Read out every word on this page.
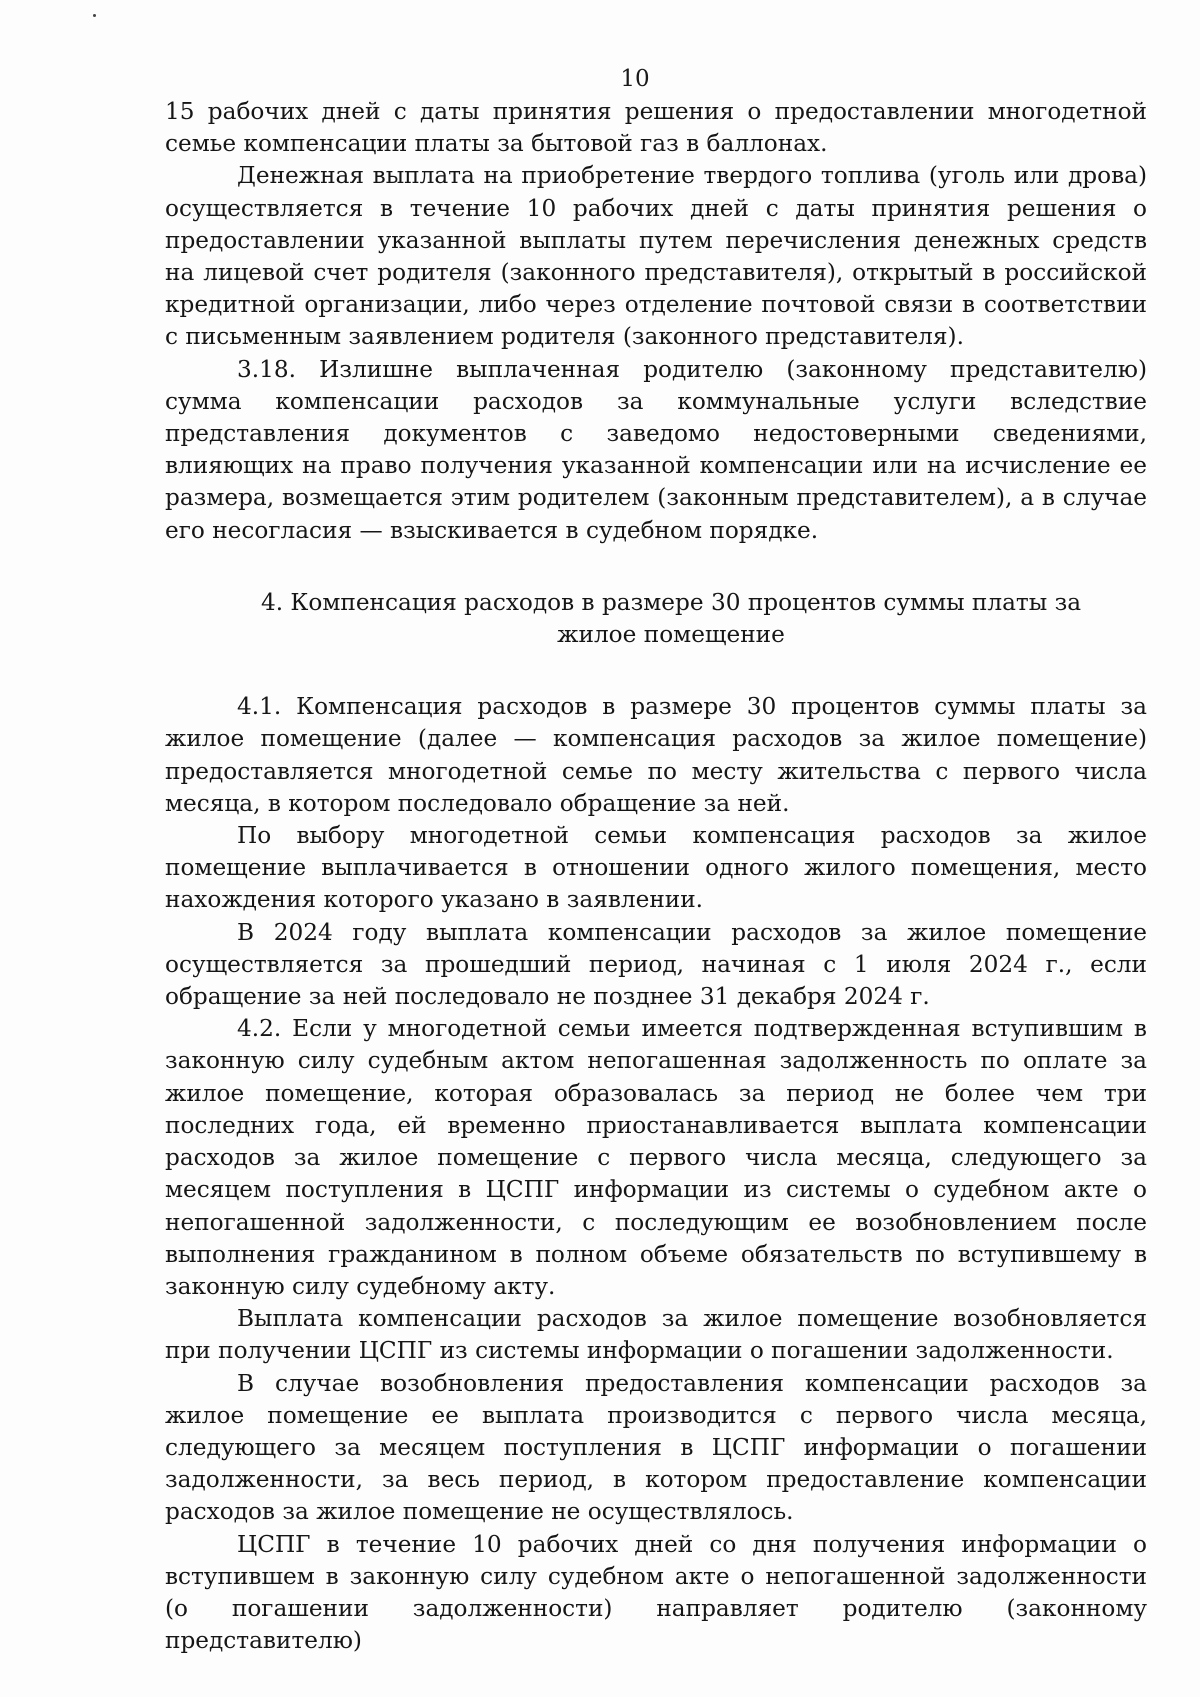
10

15 рабочих дней с даты принятия решения о предоставлении многодетной семье компенсации платы за бытовой газ в баллонах.

Денежная выплата на приобретение твердого топлива (уголь или дрова) осуществляется в течение 10 рабочих дней с даты принятия решения о предоставлении указанной выплаты путем перечисления денежных средств на лицевой счет родителя (законного представителя), открытый в российской кредитной организации, либо через отделение почтовой связи в соответствии с письменным заявлением родителя (законного представителя).

3.18. Излишне выплаченная родителю (законному представителю) сумма компенсации расходов за коммунальные услуги вследствие представления документов с заведомо недостоверными сведениями, влияющих на право получения указанной компенсации или на исчисление ее размера, возмещается этим родителем (законным представителем), а в случае его несогласия — взыскивается в судебном порядке.

4. Компенсация расходов в размере 30 процентов суммы платы за жилое помещение

4.1. Компенсация расходов в размере 30 процентов суммы платы за жилое помещение (далее — компенсация расходов за жилое помещение) предоставляется многодетной семье по месту жительства с первого числа месяца, в котором последовало обращение за ней.

По выбору многодетной семьи компенсация расходов за жилое помещение выплачивается в отношении одного жилого помещения, место нахождения которого указано в заявлении.

В 2024 году выплата компенсации расходов за жилое помещение осуществляется за прошедший период, начиная с 1 июля 2024 г., если обращение за ней последовало не позднее 31 декабря 2024 г.

4.2. Если у многодетной семьи имеется подтвержденная вступившим в законную силу судебным актом непогашенная задолженность по оплате за жилое помещение, которая образовалась за период не более чем три последних года, ей временно приостанавливается выплата компенсации расходов за жилое помещение с первого числа месяца, следующего за месяцем поступления в ЦСПГ информации из системы о судебном акте о непогашенной задолженности, с последующим ее возобновлением после выполнения гражданином в полном объеме обязательств по вступившему в законную силу судебному акту.

Выплата компенсации расходов за жилое помещение возобновляется при получении ЦСПГ из системы информации о погашении задолженности.

В случае возобновления предоставления компенсации расходов за жилое помещение ее выплата производится с первого числа месяца, следующего за месяцем поступления в ЦСПГ информации о погашении задолженности, за весь период, в котором предоставление компенсации расходов за жилое помещение не осуществлялось.

ЦСПГ в течение 10 рабочих дней со дня получения информации о вступившем в законную силу судебном акте о непогашенной задолженности (о погашении задолженности) направляет родителю (законному представителю)
